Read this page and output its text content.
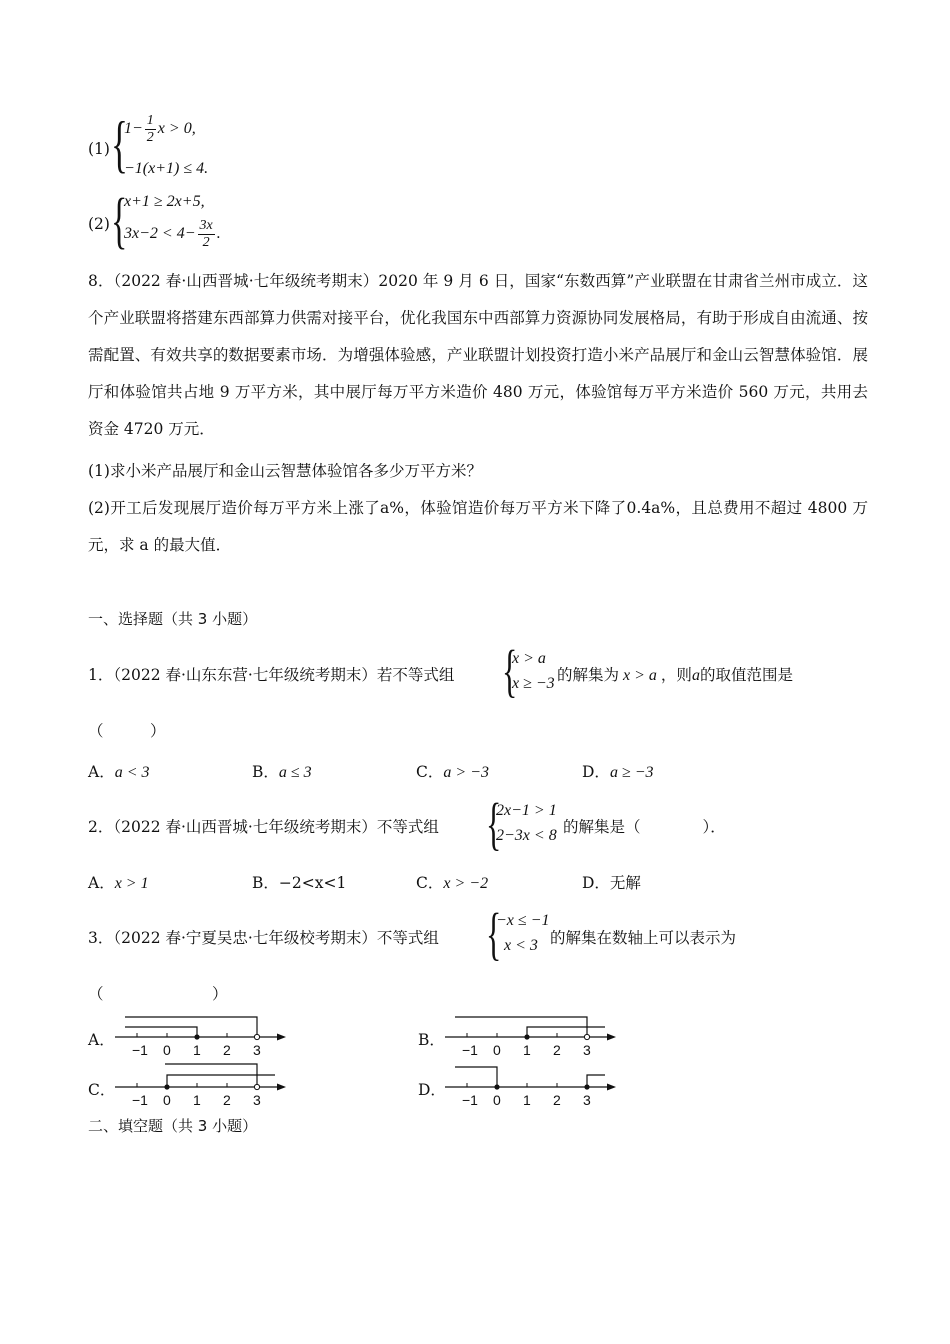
(1) {
$1- \frac{1}{2}$ x > 0,
−1(x+1) ≤ 4.
(2) {
x+1 ≥ 2x+5,
$3x-2 < 4- \frac{3x}{2}$ .
8．（2022 春·山西晋城·七年级统考期末）2020 年 9 月 6 日，国家“东数西算”产业联盟在甘肃省兰州市成立．这个产业联盟将搭建东西部算力供需对接平台，优化我国东中西部算力资源协同发展格局，有助于形成自由流通、按需配置、有效共享的数据要素市场．为增强体验感，产业联盟计划投资打造小米产品展厅和金山云智慧体验馆．展厅和体验馆共占地 9 万平方米，其中展厅每万平方米造价 480 万元，体验馆每万平方米造价 560 万元，共用去资金 4720 万元．
(1)求小米产品展厅和金山云智慧体验馆各多少万平方米？
(2)开工后发现展厅造价每万平方米上涨了a%，体验馆造价每万平方米下降了0.4a%，且总费用不超过 4800 万元，求 a 的最大值．
一、选择题（共 3 小题）
1．（2022 春·山东东营·七年级统考期末）若不等式组 {
x > a
x ≥ −3 的解集为 x > a ，则a的取值范围是
（　　　）
A．a < 3	B．a ≤ 3	C．a > −3	D．a ≥ −3
2．（2022 春·山西晋城·七年级统考期末）不等式组 {
2x−1 > 1
2−3x < 8 的解集是（　　　　）．
A．x > 1	B．−2<x<1	C．x > −2	D．无解
3．（2022 春·宁夏吴忠·七年级校考期末）不等式组 {
−x ≤ −1
x < 3 的解集在数轴上可以表示为
（　　　　　　　）
A．
−1 0 1 2 3
B．
−1 0 1 2 3
C．
−1 0 1 2 3
D．
−1 0 1 2 3
二、填空题（共 3 小题）
